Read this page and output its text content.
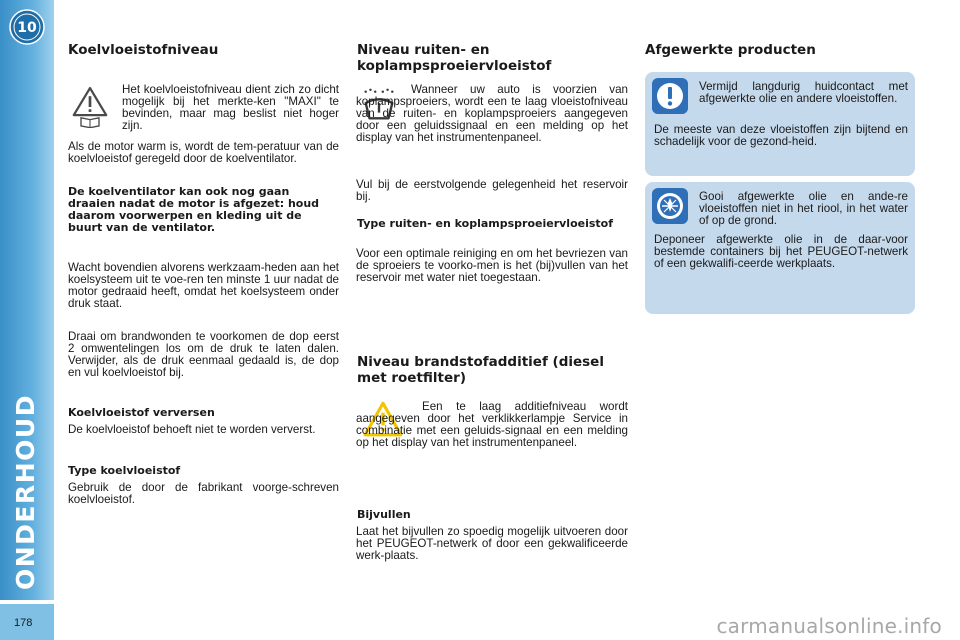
10
ONDERHOUD
178
Koelvloeistofniveau

Het koelvloeistofniveau dient zich zo dicht mogelijk bij het merkte-ken "MAXI" te bevinden, maar mag beslist niet hoger zijn.

Als de motor warm is, wordt de tem-peratuur van de koelvloeistof geregeld door de koelventilator.

De koelventilator kan ook nog gaan draaien nadat de motor is afgezet: houd daarom voorwerpen en kleding uit de buurt van de ventilator.

Wacht bovendien alvorens werkzaam-heden aan het koelsysteem uit te voe-ren ten minste 1 uur nadat de motor gedraaid heeft, omdat het koelsysteem onder druk staat.

Draai om brandwonden te voorkomen de dop eerst 2 omwentelingen los om de druk te laten dalen. Verwijder, als de druk eenmaal gedaald is, de dop en vul koelvloeistof bij.

Koelvloeistof verversen

De koelvloeistof behoeft niet te worden ververst.

Type koelvloeistof

Gebruik de door de fabrikant voorge-schreven koelvloeistof.

Niveau ruiten- en koplampsproeiervloeistof

Wanneer uw auto is voorzien van koplampsproeiers, wordt een te laag vloeistofniveau van de ruiten- en koplampsproeiers aangegeven door een geluidssignaal en een melding op het display van het instrumentenpaneel.

Vul bij de eerstvolgende gelegenheid het reservoir bij.

Type ruiten- en koplampsproeiervloeistof

Voor een optimale reiniging en om het bevriezen van de sproeiers te voorko-men is het (bij)vullen van het reservoir met water niet toegestaan.

Niveau brandstofadditief (diesel met roetfilter)

Een te laag additiefniveau wordt aangegeven door het verklikkerlampje Service in combinatie met een geluids-signaal en een melding op het display van het instrumentenpaneel.

Bijvullen

Laat het bijvullen zo spoedig mogelijk uitvoeren door het PEUGEOT-netwerk of door een gekwalificeerde werk-plaats.

Afgewerkte producten

Vermijd langdurig huidcontact met afgewerkte olie en andere vloeistoffen.

De meeste van deze vloeistoffen zijn bijtend en schadelijk voor de gezond-heid.

Gooi afgewerkte olie en ande-re vloeistoffen niet in het riool, in het water of op de grond.

Deponeer afgewerkte olie in de daar-voor bestemde containers bij het PEUGEOT-netwerk of een gekwalifi-ceerde werkplaats.

carmanualsonline.info
